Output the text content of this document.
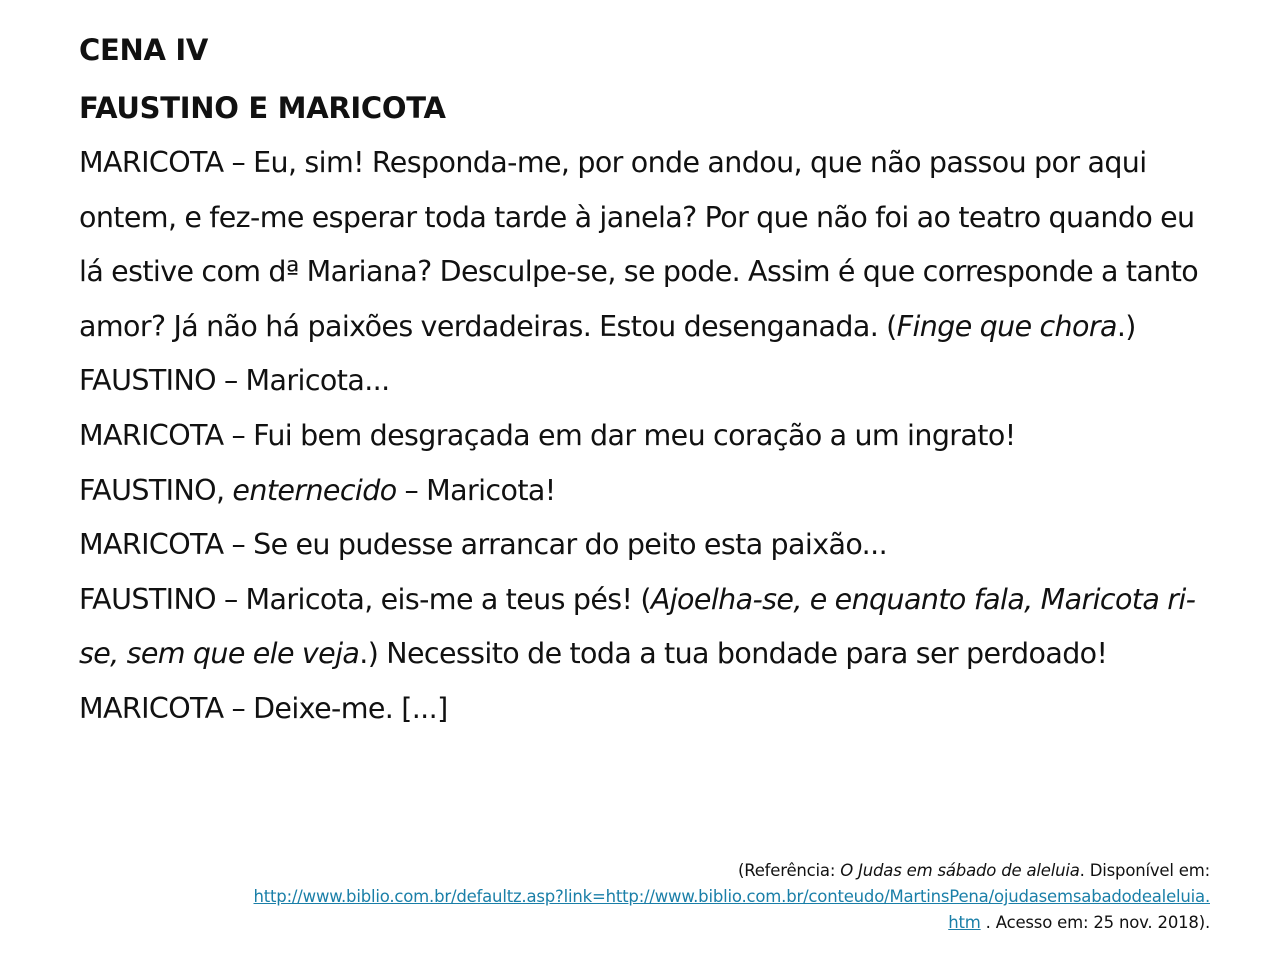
CENA IV
FAUSTINO E MARICOTA

MARICOTA – Eu, sim! Responda-me, por onde andou, que não passou por aqui ontem, e fez-me esperar toda tarde à janela? Por que não foi ao teatro quando eu lá estive com dª Mariana? Desculpe-se, se pode. Assim é que corresponde a tanto amor? Já não há paixões verdadeiras. Estou desenganada. (Finge que chora.)

FAUSTINO – Maricota...

MARICOTA – Fui bem desgraçada em dar meu coração a um ingrato!

FAUSTINO, enternecido – Maricota!

MARICOTA – Se eu pudesse arrancar do peito esta paixão...

FAUSTINO – Maricota, eis-me a teus pés! (Ajoelha-se, e enquanto fala, Maricota ri-se, sem que ele veja.) Necessito de toda a tua bondade para ser perdoado!

MARICOTA – Deixe-me. [...]

(Referência: O Judas em sábado de aleluia. Disponível em:
http://www.biblio.com.br/defaultz.asp?link=http://www.biblio.com.br/conteudo/MartinsPena/ojudasemsabadodealeluia.
htm . Acesso em: 25 nov. 2018).
